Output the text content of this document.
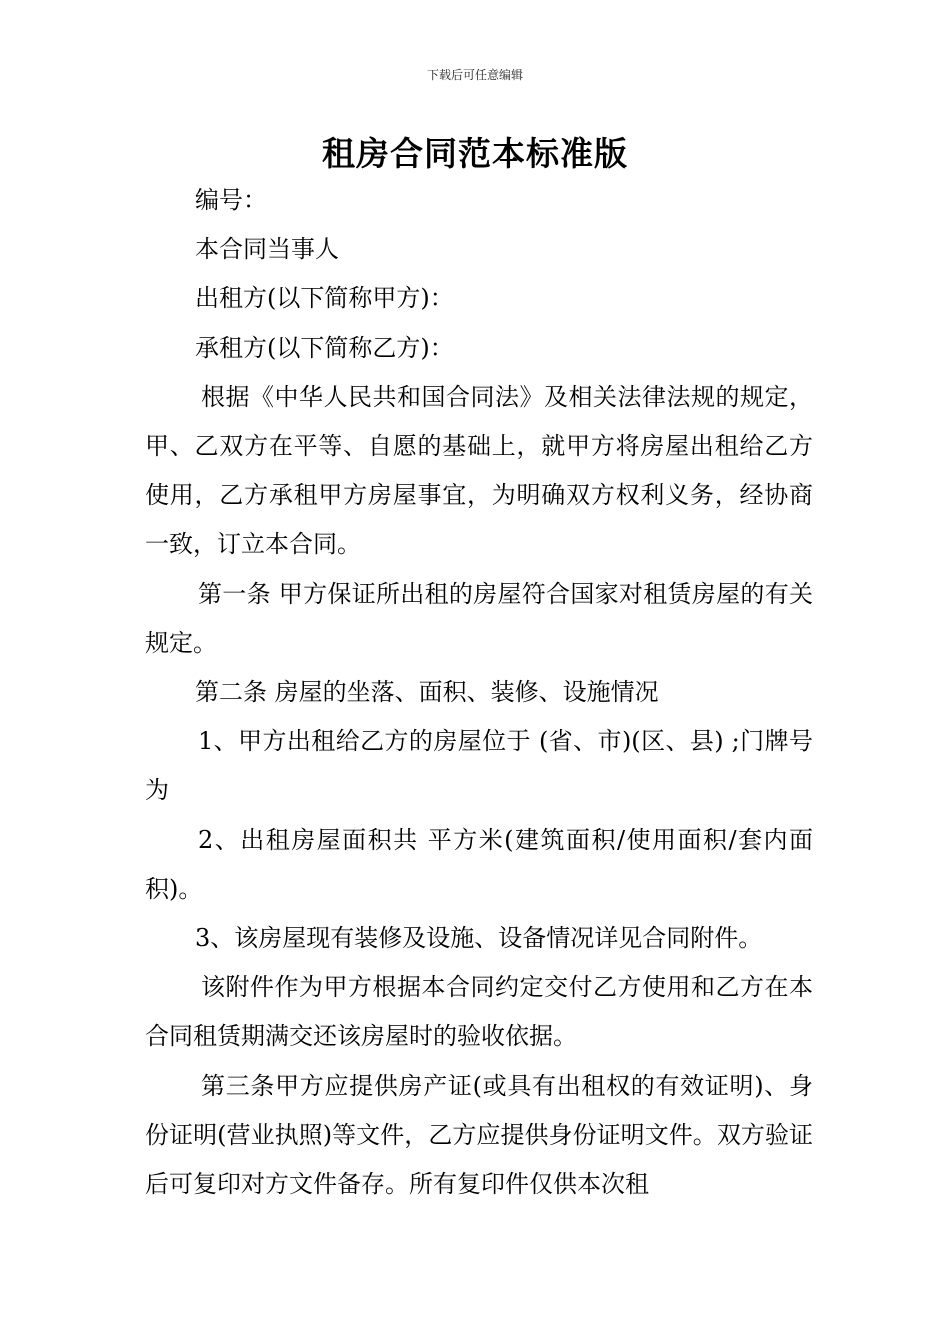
下载后可任意编辑
租房合同范本标准版

编号：

本合同当事人

出租方(以下简称甲方)：

承租方(以下简称乙方)：

根据《中华人民共和国合同法》及相关法律法规的规定，甲、乙双方在平等、自愿的基础上，就甲方将房屋出租给乙方使用，乙方承租甲方房屋事宜，为明确双方权利义务，经协商一致，订立本合同。

第一条 甲方保证所出租的房屋符合国家对租赁房屋的有关规定。

第二条 房屋的坐落、面积、装修、设施情况

1、甲方出租给乙方的房屋位于 (省、市)(区、县) ;门牌号为

2、出租房屋面积共 平方米(建筑面积/使用面积/套内面积)。

3、该房屋现有装修及设施、设备情况详见合同附件。

该附件作为甲方根据本合同约定交付乙方使用和乙方在本合同租赁期满交还该房屋时的验收依据。

第三条甲方应提供房产证(或具有出租权的有效证明)、身份证明(营业执照)等文件，乙方应提供身份证明文件。双方验证后可复印对方文件备存。所有复印件仅供本次租
